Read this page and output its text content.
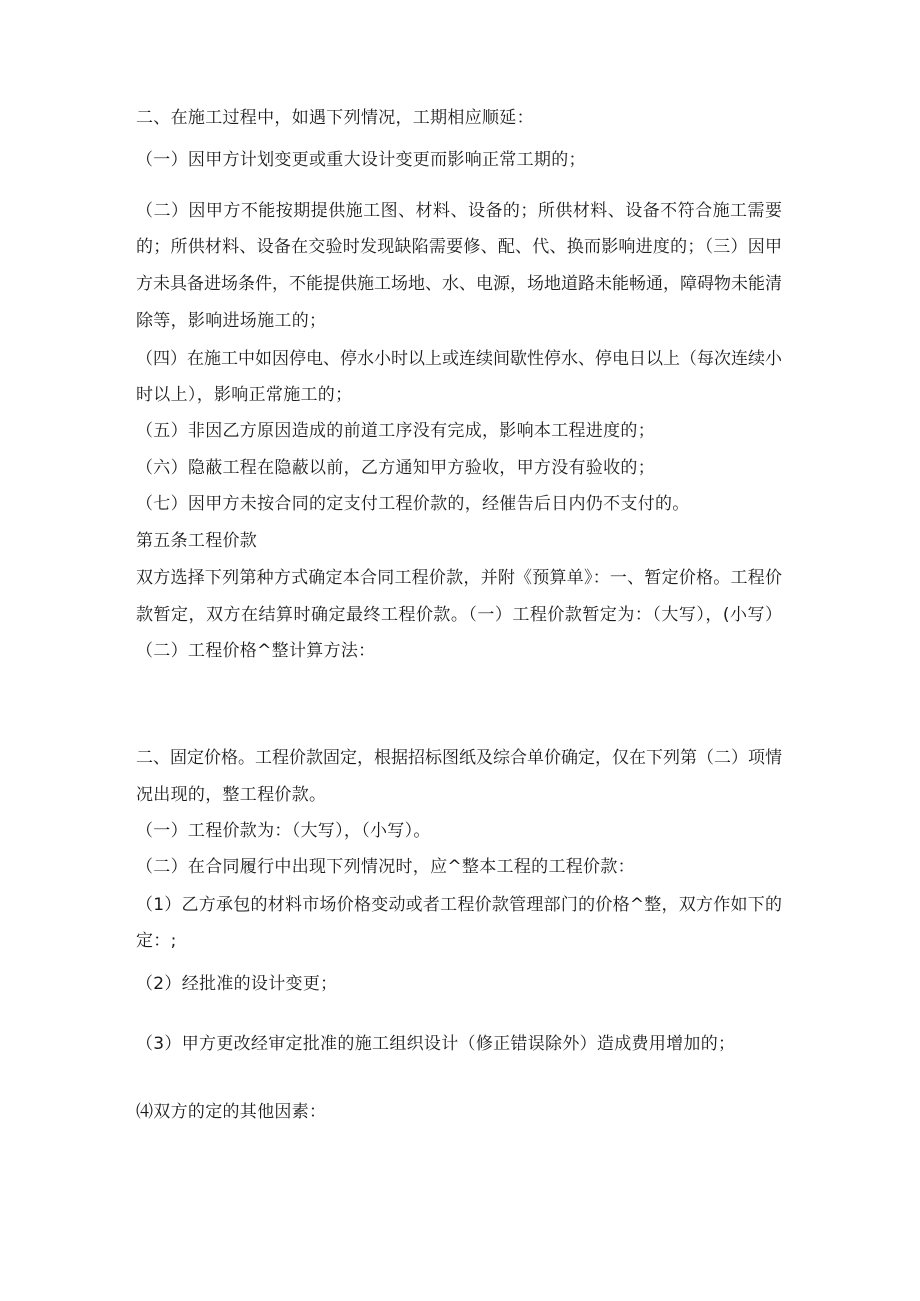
二、在施工过程中，如遇下列情况，工期相应顺延：

（一）因甲方计划变更或重大设计变更而影响正常工期的；

（二）因甲方不能按期提供施工图、材料、设备的；所供材料、设备不符合施工需要

的；所供材料、设备在交验时发现缺陷需要修、配、代、换而影响进度的；（三）因甲

方未具备进场条件，不能提供施工场地、水、电源，场地道路未能畅通，障碍物未能清

除等，影响进场施工的；

（四）在施工中如因停电、停水小时以上或连续间歇性停水、停电日以上（每次连续小

时以上），影响正常施工的；

（五）非因乙方原因造成的前道工序没有完成，影响本工程进度的；

（六）隐蔽工程在隐蔽以前，乙方通知甲方验收，甲方没有验收的；

（七）因甲方未按合同的定支付工程价款的，经催告后日内仍不支付的。

第五条工程价款

双方选择下列第种方式确定本合同工程价款，并附《预算单》：一、暂定价格。工程价

款暂定，双方在结算时确定最终工程价款。（一）工程价款暂定为：（大写），(小写）

（二）工程价格^整计算方法：

二、固定价格。工程价款固定，根据招标图纸及综合单价确定，仅在下列第（二）项情

况出现的，整工程价款。

（一）工程价款为：（大写），（小写）。

（二）在合同履行中出现下列情况时，应^整本工程的工程价款：

（1）乙方承包的材料市场价格变动或者工程价款管理部门的价格^整，双方作如下的

定：;

（2）经批准的设计变更；

（3）甲方更改经审定批准的施工组织设计（修正错误除外）造成费用增加的；

⑷双方的定的其他因素：
